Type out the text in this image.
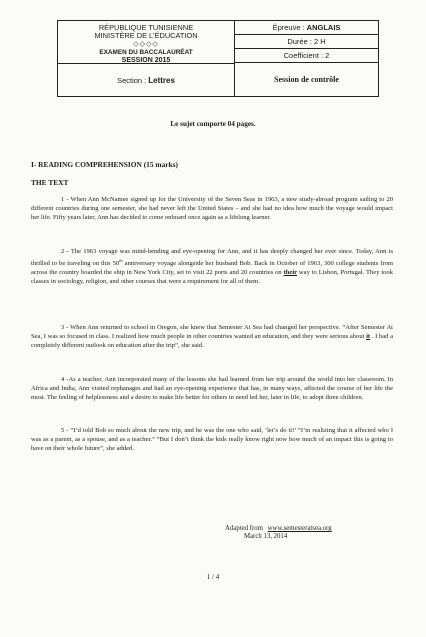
RÉPUBLIQUE TUNISIENNE
MINISTÈRE DE L'ÉDUCATION
◇◇◇◇
EXAMEN DU BACCALAURÉAT
SESSION 2015
Épreuve : ANGLAIS
Durée : 2 H
Coefficient : 2
Section : Lettres	Session de contrôle
Le sujet comporte 04 pages.
I- READING COMPREHENSION (15 marks)
THE TEXT

1 - When Ann McNamee signed up for the University of the Seven Seas in 1963, a new study-abroad program sailing to 20 different countries during one semester, she had never left the United States – and she had no idea how much the voyage would impact her life. Fifty years later, Ann has decided to come onboard once again as a lifelong learner.

2 - The 1963 voyage was mind-bending and eye-opening for Ann, and it has deeply changed her ever since. Today, Ann is thrilled to be traveling on this 50th anniversary voyage alongside her husband Bob. Back in October of 1963, 300 college students from across the country boarded the ship in New York City, set to visit 22 ports and 20 countries on their way to Lisbon, Portugal. They took classes in sociology, religion, and other courses that were a requirement for all of them.

3 - When Ann returned to school in Oregon, she knew that Semester At Sea had changed her perspective. “After Semester At Sea, I was so focused in class. I realized how much people in other countries wanted an education, and they were serious about it . I had a completely different outlook on education after the trip”, she said.

4 -As a teacher, Ann incorporated many of the lessons she had learned from her trip around the world into her classroom. In Africa and India, Ann visited orphanages and had an eye-opening experience that has, in many ways, affected the course of her life the most. The feeling of helplessness and a desire to make life better for others in need led her, later in life, to adopt three children.

5 - “I’d told Bob so much about the new trip, and he was the one who said, ‘let’s do it!’ “I’m realizing that it affected who I was as a parent, as a spouse, and as a teacher.” “But I don’t think the kids really know right now how much of an impact this is going to have on their whole future”, she added.

Adapted from www.semesteratsea.org
March 13, 2014
1 / 4
